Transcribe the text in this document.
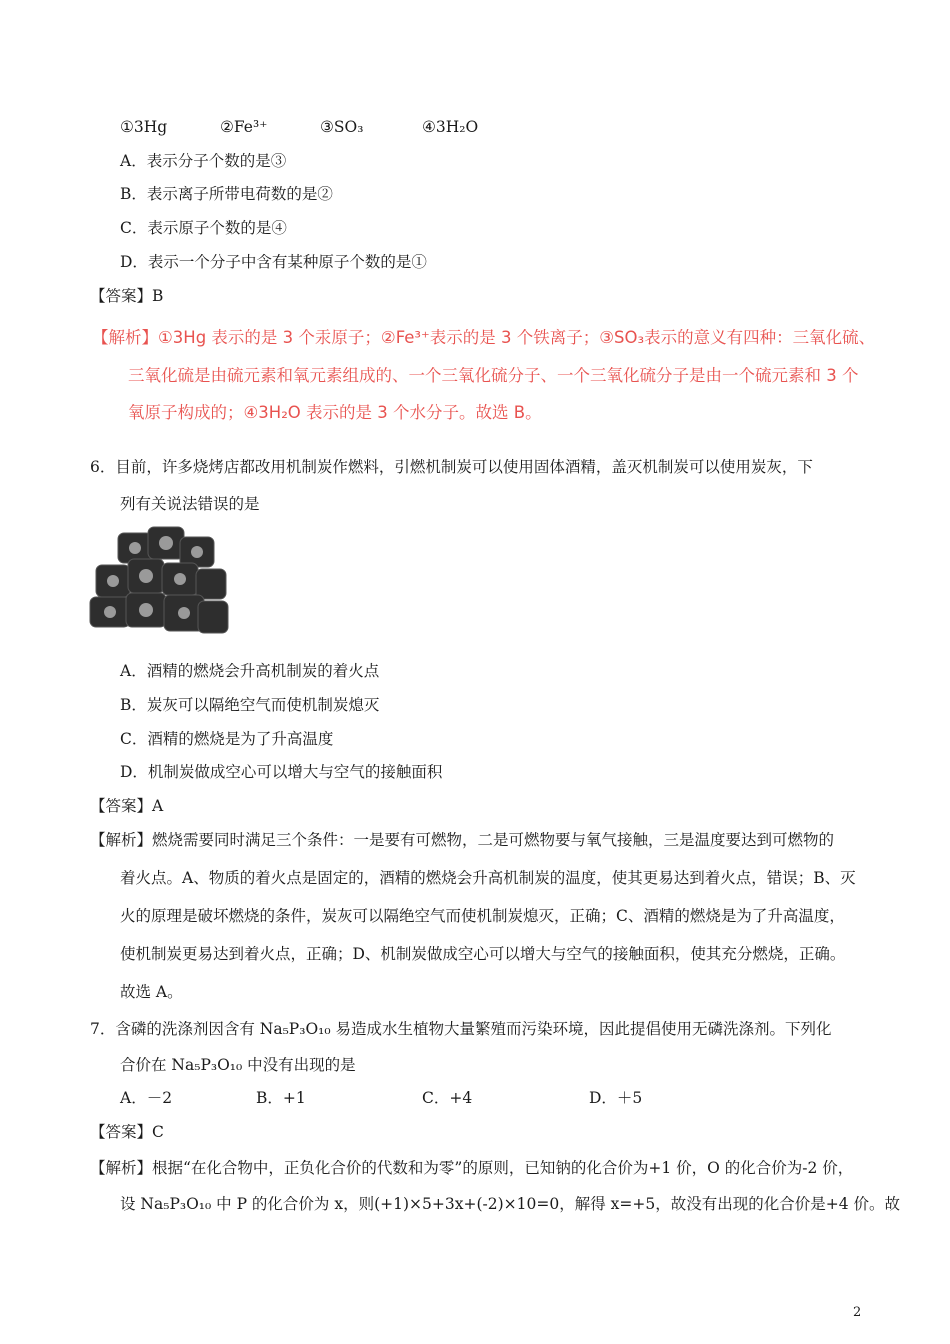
①3Hg	②Fe³⁺	③SO₃	④3H₂O
A．表示分子个数的是③
B．表示离子所带电荷数的是②
C．表示原子个数的是④
D．表示一个分子中含有某种原子个数的是①
【答案】B
【解析】①3Hg 表示的是 3 个汞原子；②Fe³⁺表示的是 3 个铁离子；③SO₃表示的意义有四种：三氧化硫、
三氧化硫是由硫元素和氧元素组成的、一个三氧化硫分子、一个三氧化硫分子是由一个硫元素和 3 个
氧原子构成的；④3H₂O 表示的是 3 个水分子。故选 B。
6．目前，许多烧烤店都改用机制炭作燃料，引燃机制炭可以使用固体酒精，盖灭机制炭可以使用炭灰，下
列有关说法错误的是
A．酒精的燃烧会升高机制炭的着火点
B．炭灰可以隔绝空气而使机制炭熄灭
C．酒精的燃烧是为了升高温度
D．机制炭做成空心可以增大与空气的接触面积
【答案】A
【解析】燃烧需要同时满足三个条件：一是要有可燃物，二是可燃物要与氧气接触，三是温度要达到可燃物的
着火点。A、物质的着火点是固定的，酒精的燃烧会升高机制炭的温度，使其更易达到着火点，错误；B、灭
火的原理是破坏燃烧的条件，炭灰可以隔绝空气而使机制炭熄灭，正确；C、酒精的燃烧是为了升高温度，
使机制炭更易达到着火点，正确；D、机制炭做成空心可以增大与空气的接触面积，使其充分燃烧，正确。
故选 A。
7．含磷的洗涤剂因含有 Na₅P₃O₁₀ 易造成水生植物大量繁殖而污染环境，因此提倡使用无磷洗涤剂。下列化
合价在 Na₅P₃O₁₀ 中没有出现的是
A．－2	B．+1	C．+4	D．＋5
【答案】C
【解析】根据“在化合物中，正负化合价的代数和为零”的原则，已知钠的化合价为+1 价，O 的化合价为-2 价，
设 Na₅P₃O₁₀ 中 P 的化合价为 x，则(+1)×5+3x+(-2)×10=0，解得 x=+5，故没有出现的化合价是+4 价。故
2
